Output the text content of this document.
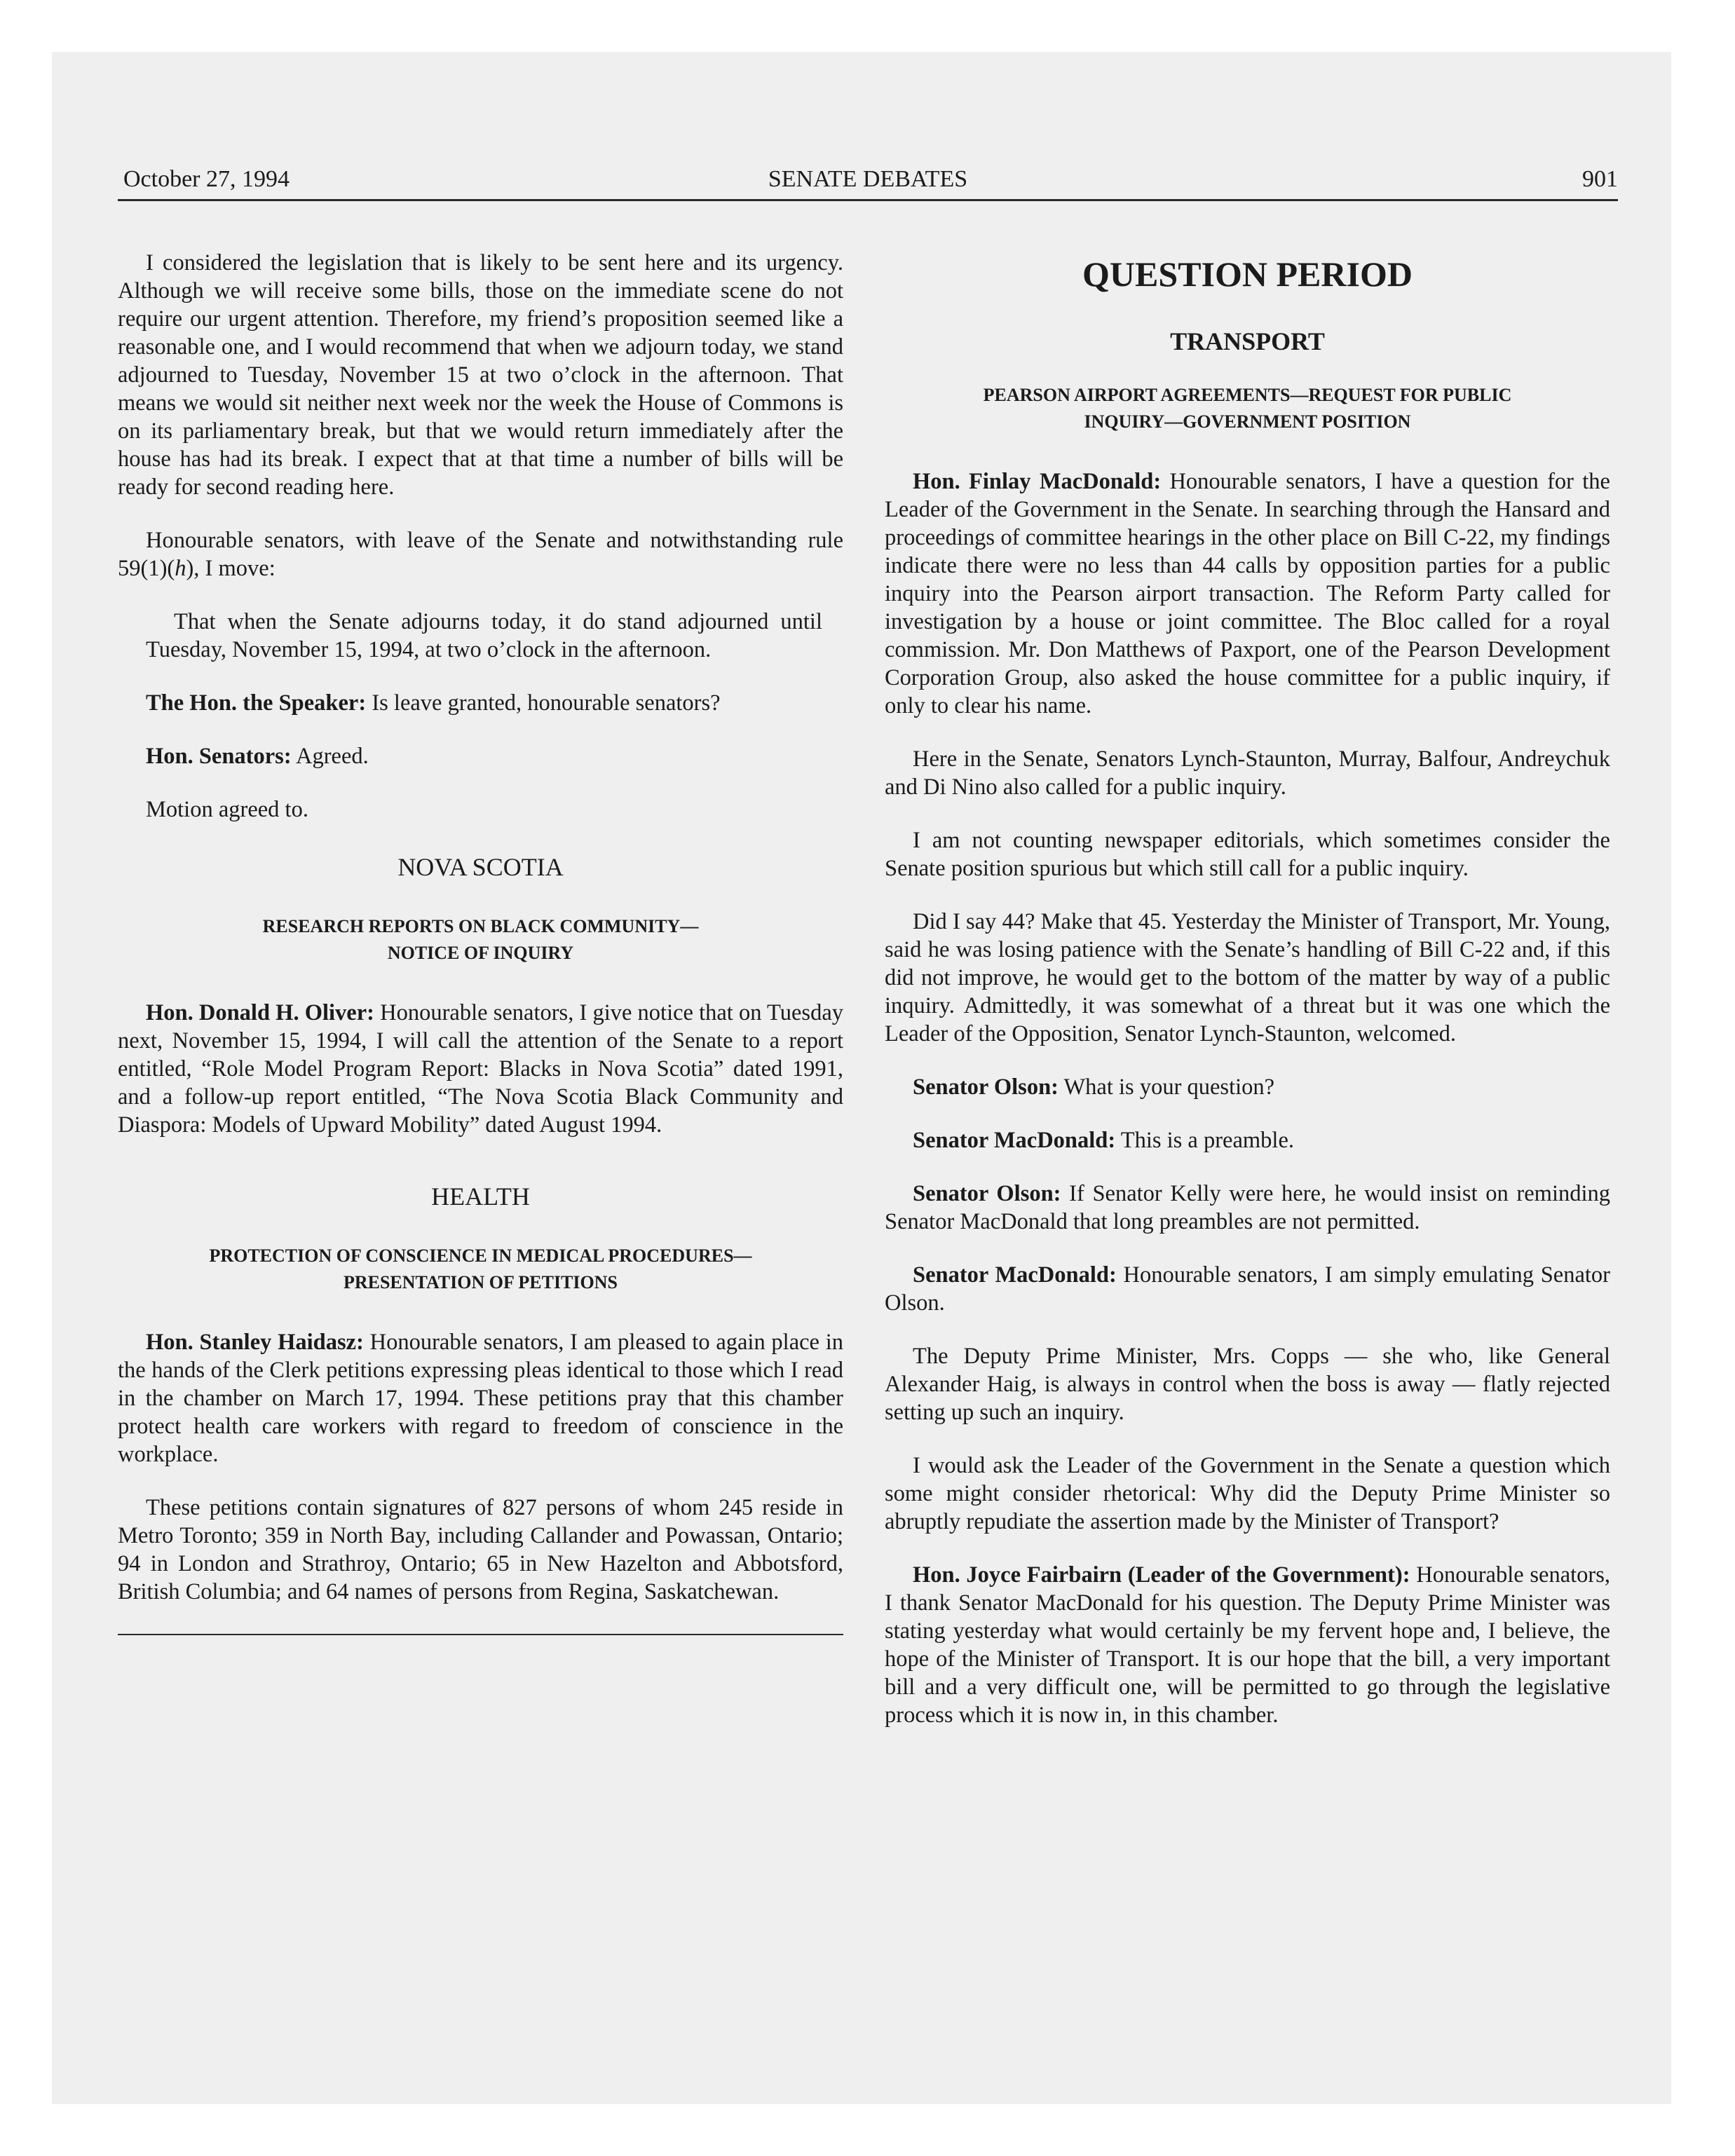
October 27, 1994	SENATE DEBATES	901

I considered the legislation that is likely to be sent here and its urgency. Although we will receive some bills, those on the immediate scene do not require our urgent attention. Therefore, my friend’s proposition seemed like a reasonable one, and I would recommend that when we adjourn today, we stand adjourned to Tuesday, November 15 at two o’clock in the afternoon. That means we would sit neither next week nor the week the House of Commons is on its parliamentary break, but that we would return immediately after the house has had its break. I expect that at that time a number of bills will be ready for second reading here.

Honourable senators, with leave of the Senate and notwithstanding rule 59(1)(h), I move:

That when the Senate adjourns today, it do stand adjourned until Tuesday, November 15, 1994, at two o’clock in the afternoon.

The Hon. the Speaker: Is leave granted, honourable senators?

Hon. Senators: Agreed.

Motion agreed to.

NOVA SCOTIA
RESEARCH REPORTS ON BLACK COMMUNITY—
NOTICE OF INQUIRY

Hon. Donald H. Oliver: Honourable senators, I give notice that on Tuesday next, November 15, 1994, I will call the attention of the Senate to a report entitled, “Role Model Program Report: Blacks in Nova Scotia” dated 1991, and a follow-up report entitled, “The Nova Scotia Black Community and Diaspora: Models of Upward Mobility” dated August 1994.

HEALTH
PROTECTION OF CONSCIENCE IN MEDICAL PROCEDURES—
PRESENTATION OF PETITIONS

Hon. Stanley Haidasz: Honourable senators, I am pleased to again place in the hands of the Clerk petitions expressing pleas identical to those which I read in the chamber on March 17, 1994. These petitions pray that this chamber protect health care workers with regard to freedom of conscience in the workplace.

These petitions contain signatures of 827 persons of whom 245 reside in Metro Toronto; 359 in North Bay, including Callander and Powassan, Ontario; 94 in London and Strathroy, Ontario; 65 in New Hazelton and Abbotsford, British Columbia; and 64 names of persons from Regina, Saskatchewan.

QUESTION PERIOD
TRANSPORT
PEARSON AIRPORT AGREEMENTS—REQUEST FOR PUBLIC
INQUIRY—GOVERNMENT POSITION

Hon. Finlay MacDonald: Honourable senators, I have a question for the Leader of the Government in the Senate. In searching through the Hansard and proceedings of committee hearings in the other place on Bill C-22, my findings indicate there were no less than 44 calls by opposition parties for a public inquiry into the Pearson airport transaction. The Reform Party called for investigation by a house or joint committee. The Bloc called for a royal commission. Mr. Don Matthews of Paxport, one of the Pearson Development Corporation Group, also asked the house committee for a public inquiry, if only to clear his name.

Here in the Senate, Senators Lynch-Staunton, Murray, Balfour, Andreychuk and Di Nino also called for a public inquiry.

I am not counting newspaper editorials, which sometimes consider the Senate position spurious but which still call for a public inquiry.

Did I say 44? Make that 45. Yesterday the Minister of Transport, Mr. Young, said he was losing patience with the Senate’s handling of Bill C-22 and, if this did not improve, he would get to the bottom of the matter by way of a public inquiry. Admittedly, it was somewhat of a threat but it was one which the Leader of the Opposition, Senator Lynch-Staunton, welcomed.

Senator Olson: What is your question?

Senator MacDonald: This is a preamble.

Senator Olson: If Senator Kelly were here, he would insist on reminding Senator MacDonald that long preambles are not permitted.

Senator MacDonald: Honourable senators, I am simply emulating Senator Olson.

The Deputy Prime Minister, Mrs. Copps — she who, like General Alexander Haig, is always in control when the boss is away — flatly rejected setting up such an inquiry.

I would ask the Leader of the Government in the Senate a question which some might consider rhetorical: Why did the Deputy Prime Minister so abruptly repudiate the assertion made by the Minister of Transport?

Hon. Joyce Fairbairn (Leader of the Government): Honourable senators, I thank Senator MacDonald for his question. The Deputy Prime Minister was stating yesterday what would certainly be my fervent hope and, I believe, the hope of the Minister of Transport. It is our hope that the bill, a very important bill and a very difficult one, will be permitted to go through the legislative process which it is now in, in this chamber.
